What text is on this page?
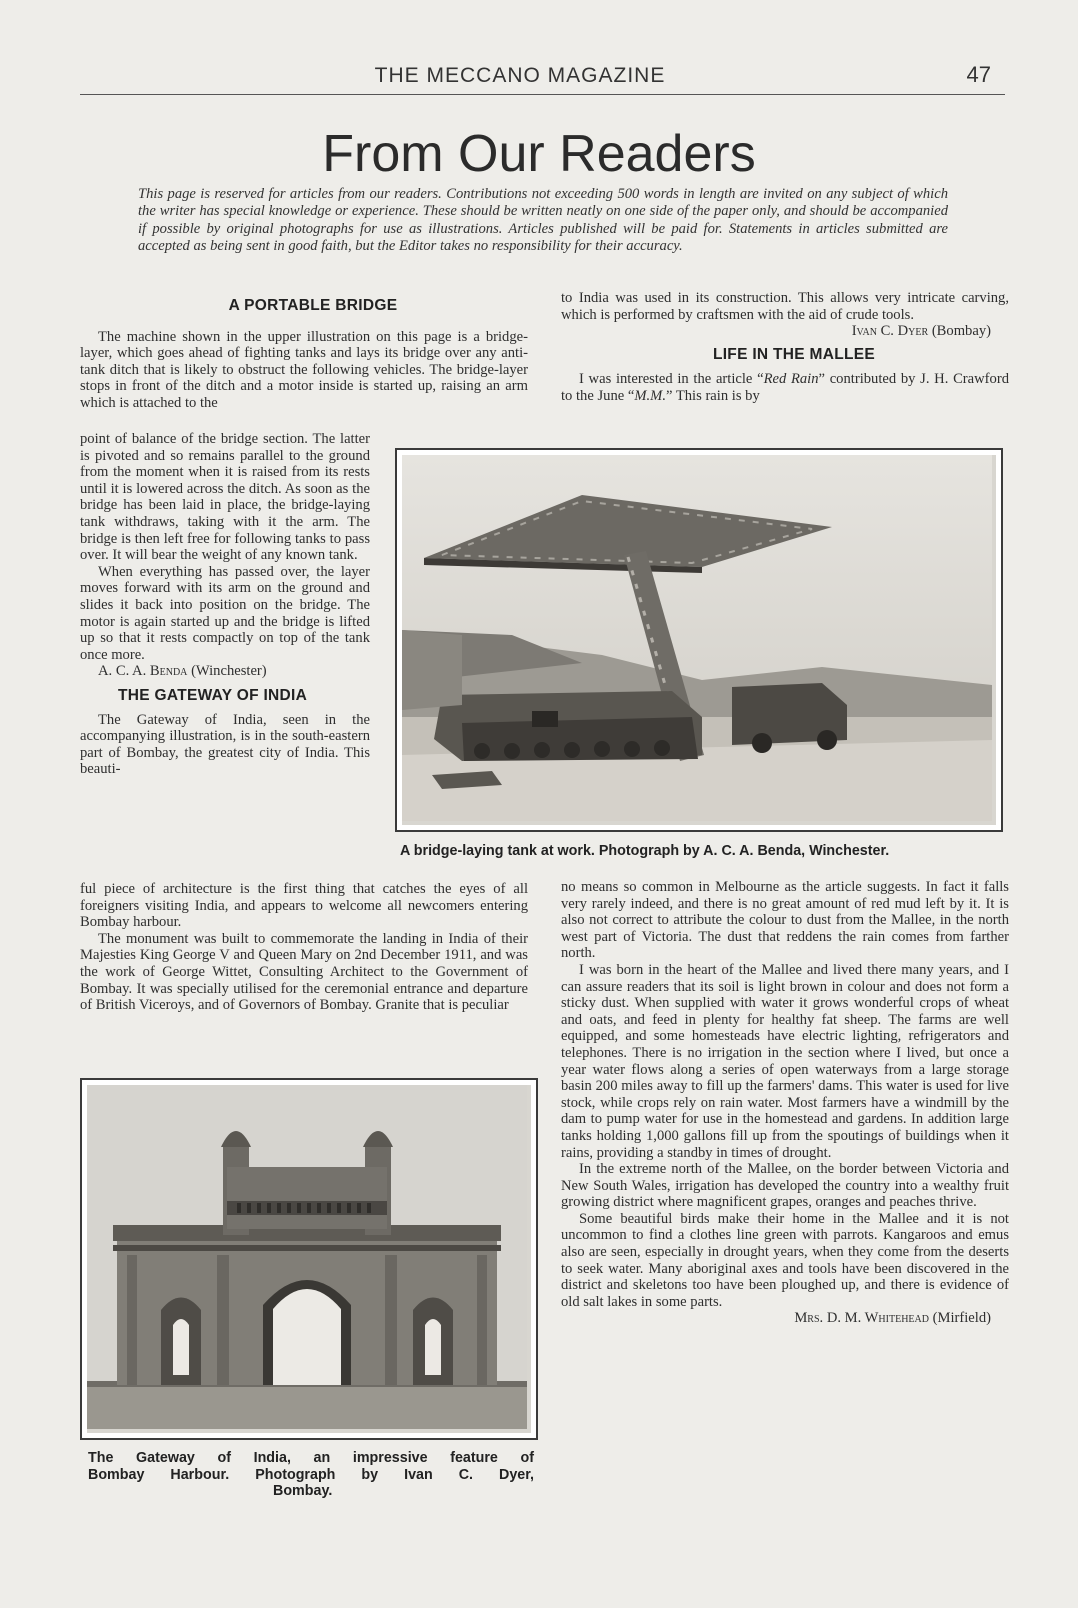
THE MECCANO MAGAZINE	47
From Our Readers
This page is reserved for articles from our readers. Contributions not exceeding 500 words in length are invited on any subject of which the writer has special knowledge or experience. These should be written neatly on one side of the paper only, and should be accompanied if possible by original photographs for use as illustrations. Articles published will be paid for. Statements in articles submitted are accepted as being sent in good faith, but the Editor takes no responsibility for their accuracy.

A PORTABLE BRIDGE

The machine shown in the upper illustration on this page is a bridge-layer, which goes ahead of fighting tanks and lays its bridge over any anti-tank ditch that is likely to obstruct the following vehicles. The bridge-layer stops in front of the ditch and a motor inside is started up, raising an arm which is attached to the

point of balance of the bridge section. The latter is pivoted and so remains parallel to the ground from the moment when it is raised from its rests until it is lowered across the ditch. As soon as the bridge has been laid in place, the bridge-laying tank withdraws, taking with it the arm. The bridge is then left free for following tanks to pass over. It will bear the weight of any known tank.

When everything has passed over, the layer moves forward with its arm on the ground and slides it back into position on the bridge. The motor is again started up and the bridge is lifted up so that it rests compactly on top of the tank once more.

A. C. A. Benda (Winchester)

THE GATEWAY OF INDIA

The Gateway of India, seen in the accompanying illustration, is in the south-eastern part of Bombay, the greatest city of India. This beauti-

ful piece of architecture is the first thing that catches the eyes of all foreigners visiting India, and appears to welcome all newcomers entering Bombay harbour.

The monument was built to commemorate the landing in India of their Majesties King George V and Queen Mary on 2nd December 1911, and was the work of George Wittet, Consulting Architect to the Government of Bombay. It was specially utilised for the ceremonial entrance and departure of British Viceroys, and of Governors of Bombay. Granite that is peculiar

to India was used in its construction. This allows very intricate carving, which is performed by craftsmen with the aid of crude tools.

Ivan C. Dyer (Bombay)

LIFE IN THE MALLEE

I was interested in the article “Red Rain” contributed by J. H. Crawford to the June “M.M.” This rain is by

A bridge-laying tank at work. Photograph by A. C. A. Benda, Winchester.

no means so common in Melbourne as the article suggests. In fact it falls very rarely indeed, and there is no great amount of red mud left by it. It is also not correct to attribute the colour to dust from the Mallee, in the north west part of Victoria. The dust that reddens the rain comes from farther north.

I was born in the heart of the Mallee and lived there many years, and I can assure readers that its soil is light brown in colour and does not form a sticky dust. When supplied with water it grows wonderful crops of wheat and oats, and feed in plenty for healthy fat sheep. The farms are well equipped, and some homesteads have electric lighting, refrigerators and telephones. There is no irrigation in the section where I lived, but once a year water flows along a series of open waterways from a large storage basin 200 miles away to fill up the farmers' dams. This water is used for live stock, while crops rely on rain water. Most farmers have a windmill by the dam to pump water for use in the homestead and gardens. In addition large tanks holding 1,000 gallons fill up from the spoutings of buildings when it rains, providing a standby in times of drought.

In the extreme north of the Mallee, on the border between Victoria and New South Wales, irrigation has developed the country into a wealthy fruit growing district where magnificent grapes, oranges and peaches thrive.

Some beautiful birds make their home in the Mallee and it is not uncommon to find a clothes line green with parrots. Kangaroos and emus also are seen, especially in drought years, when they come from the deserts to seek water. Many aboriginal axes and tools have been discovered in the district and skeletons too have been ploughed up, and there is evidence of old salt lakes in some parts.

Mrs. D. M. Whitehead (Mirfield)

The Gateway of India, an impressive feature of
Bombay Harbour. Photograph by Ivan C. Dyer,
Bombay.
